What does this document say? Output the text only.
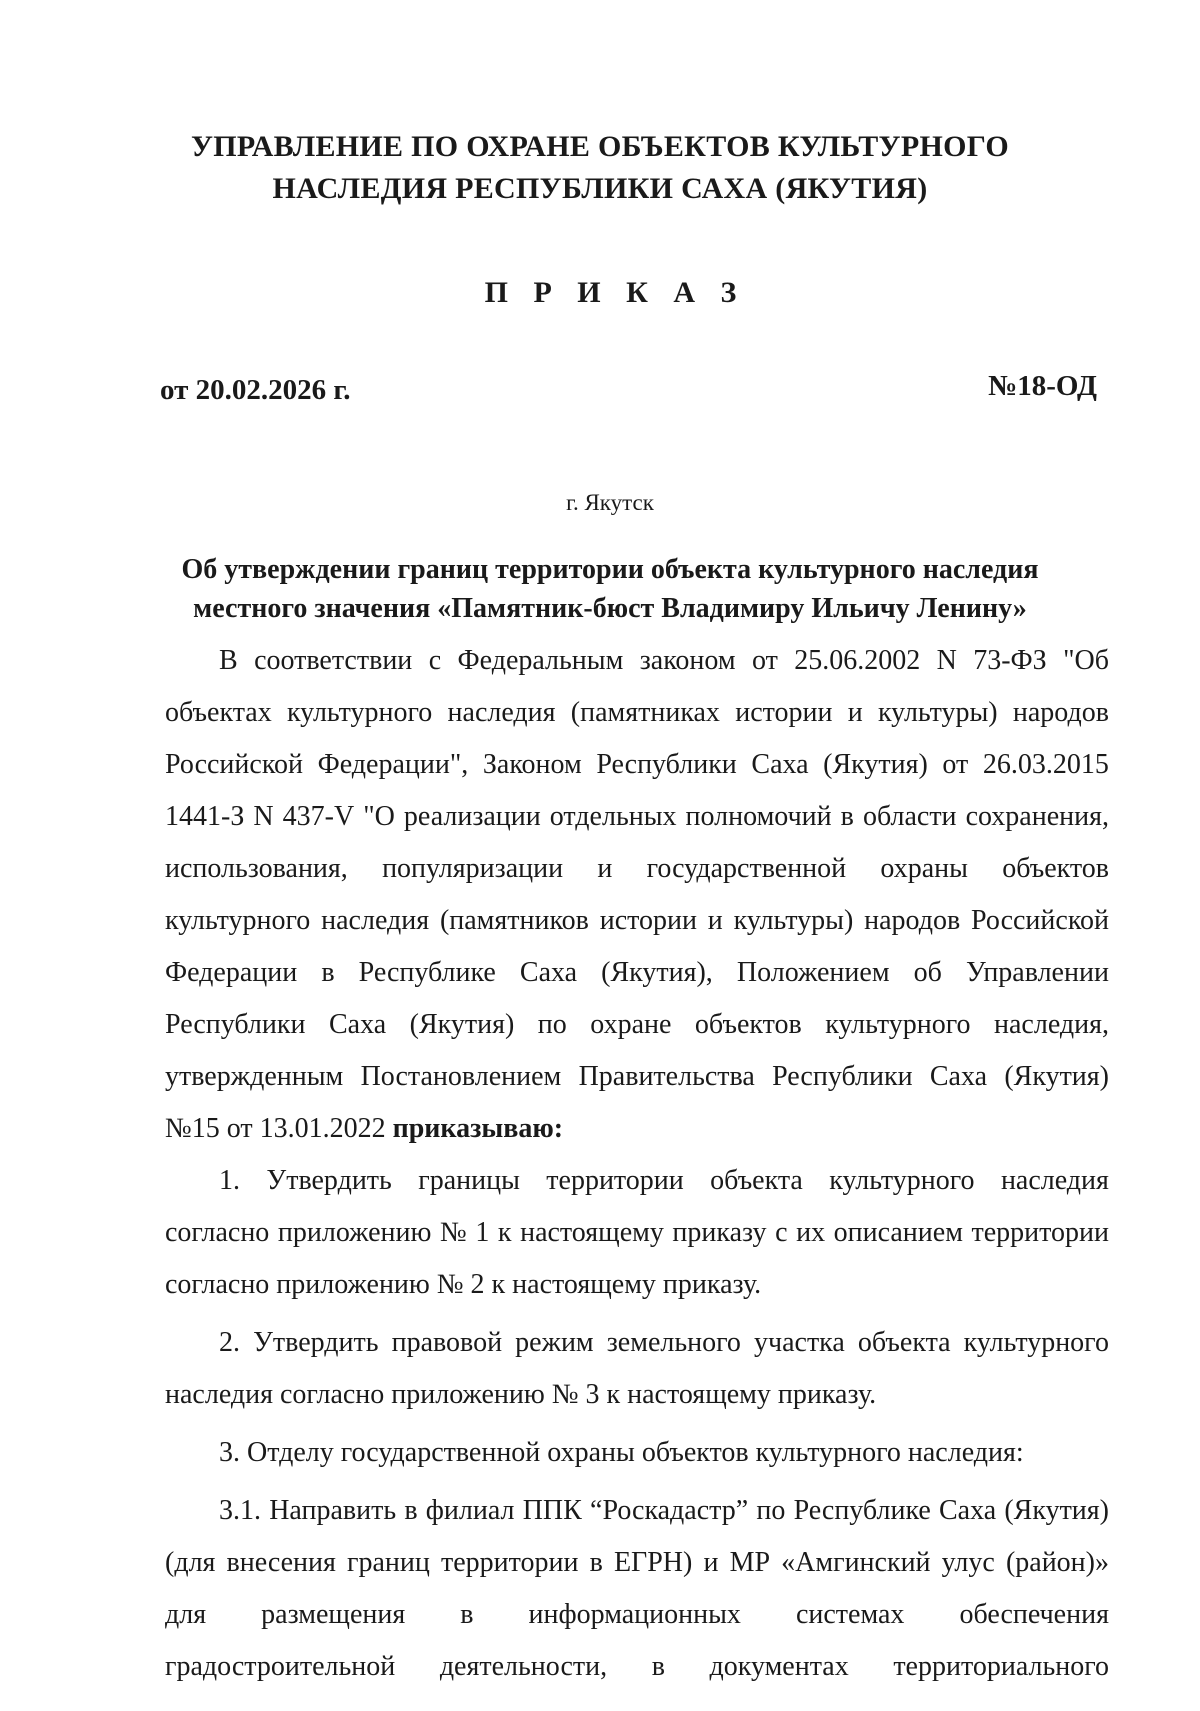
УПРАВЛЕНИЕ ПО ОХРАНЕ ОБЪЕКТОВ КУЛЬТУРНОГО
НАСЛЕДИЯ РЕСПУБЛИКИ САХА (ЯКУТИЯ)
П Р И К А З
от 20.02.2026 г.	№18-ОД
г. Якутск
Об утверждении границ территории объекта культурного наследия
местного значения «Памятник-бюст Владимиру Ильичу Ленину»
В соответствии с Федеральным законом от 25.06.2002 N 73-ФЗ "Об
объектах культурного наследия (памятниках истории и культуры) народов
Российской Федерации", Законом Республики Саха (Якутия) от 26.03.2015
1441-З N 437-V "О реализации отдельных полномочий в области сохранения,
использования, популяризации и государственной охраны объектов
культурного наследия (памятников истории и культуры) народов Российской
Федерации в Республике Саха (Якутия), Положением об Управлении
Республики Саха (Якутия) по охране объектов культурного наследия,
утвержденным Постановлением Правительства Республики Саха (Якутия)
№15 от 13.01.2022 приказываю:
1. Утвердить границы территории объекта культурного наследия
согласно приложению № 1 к настоящему приказу с их описанием территории
согласно приложению № 2 к настоящему приказу.
2. Утвердить правовой режим земельного участка объекта культурного
наследия согласно приложению № 3 к настоящему приказу.
3. Отделу государственной охраны объектов культурного наследия:
3.1. Направить в филиал ППК “Роскадастр” по Республике Саха (Якутия)
(для внесения границ территории в ЕГРН) и МР «Амгинский улус (район)»
для размещения в информационных системах обеспечения
градостроительной деятельности, в документах территориального
